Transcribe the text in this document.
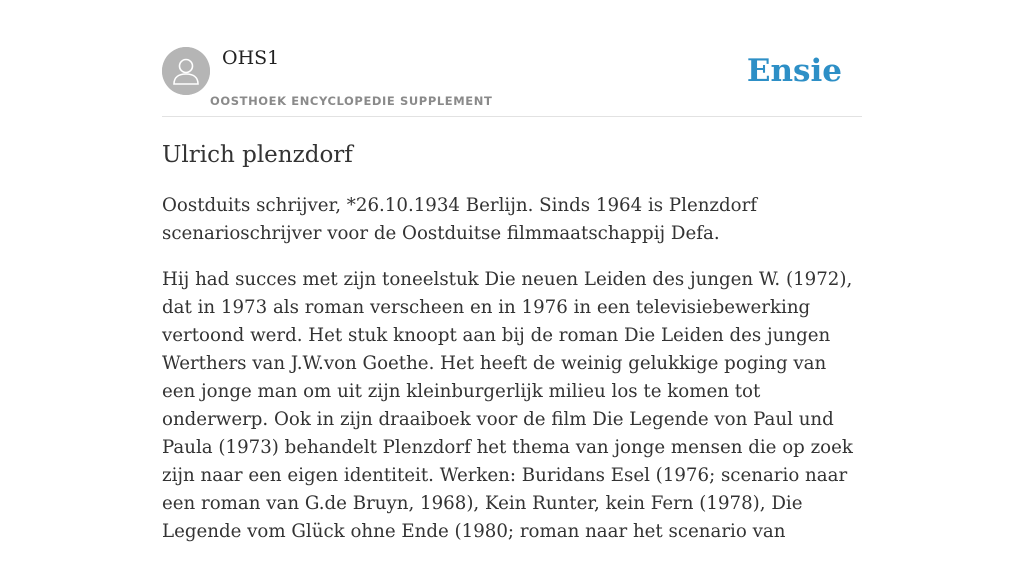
OHS1
OOSTHOEK ENCYCLOPEDIE SUPPLEMENT
Ensie
Ulrich plenzdorf

Oostduits schrijver, *26.10.1934 Berlijn. Sinds 1964 is Plenzdorf scenarioschrijver voor de Oostduitse filmmaatschappij Defa.

Hij had succes met zijn toneelstuk Die neuen Leiden des jungen W. (1972), dat in 1973 als roman verscheen en in 1976 in een televisiebewerking vertoond werd. Het stuk knoopt aan bij de roman Die Leiden des jungen Werthers van J.W.von Goethe. Het heeft de weinig gelukkige poging van een jonge man om uit zijn kleinburgerlijk milieu los te komen tot onderwerp. Ook in zijn draaiboek voor de film Die Legende von Paul und Paula (1973) behandelt Plenzdorf het thema van jonge mensen die op zoek zijn naar een eigen identiteit. Werken: Buridans Esel (1976; scenario naar een roman van G.de Bruyn, 1968), Kein Runter, kein Fern (1978), Die Legende vom Glück ohne Ende (1980; roman naar het scenario van
